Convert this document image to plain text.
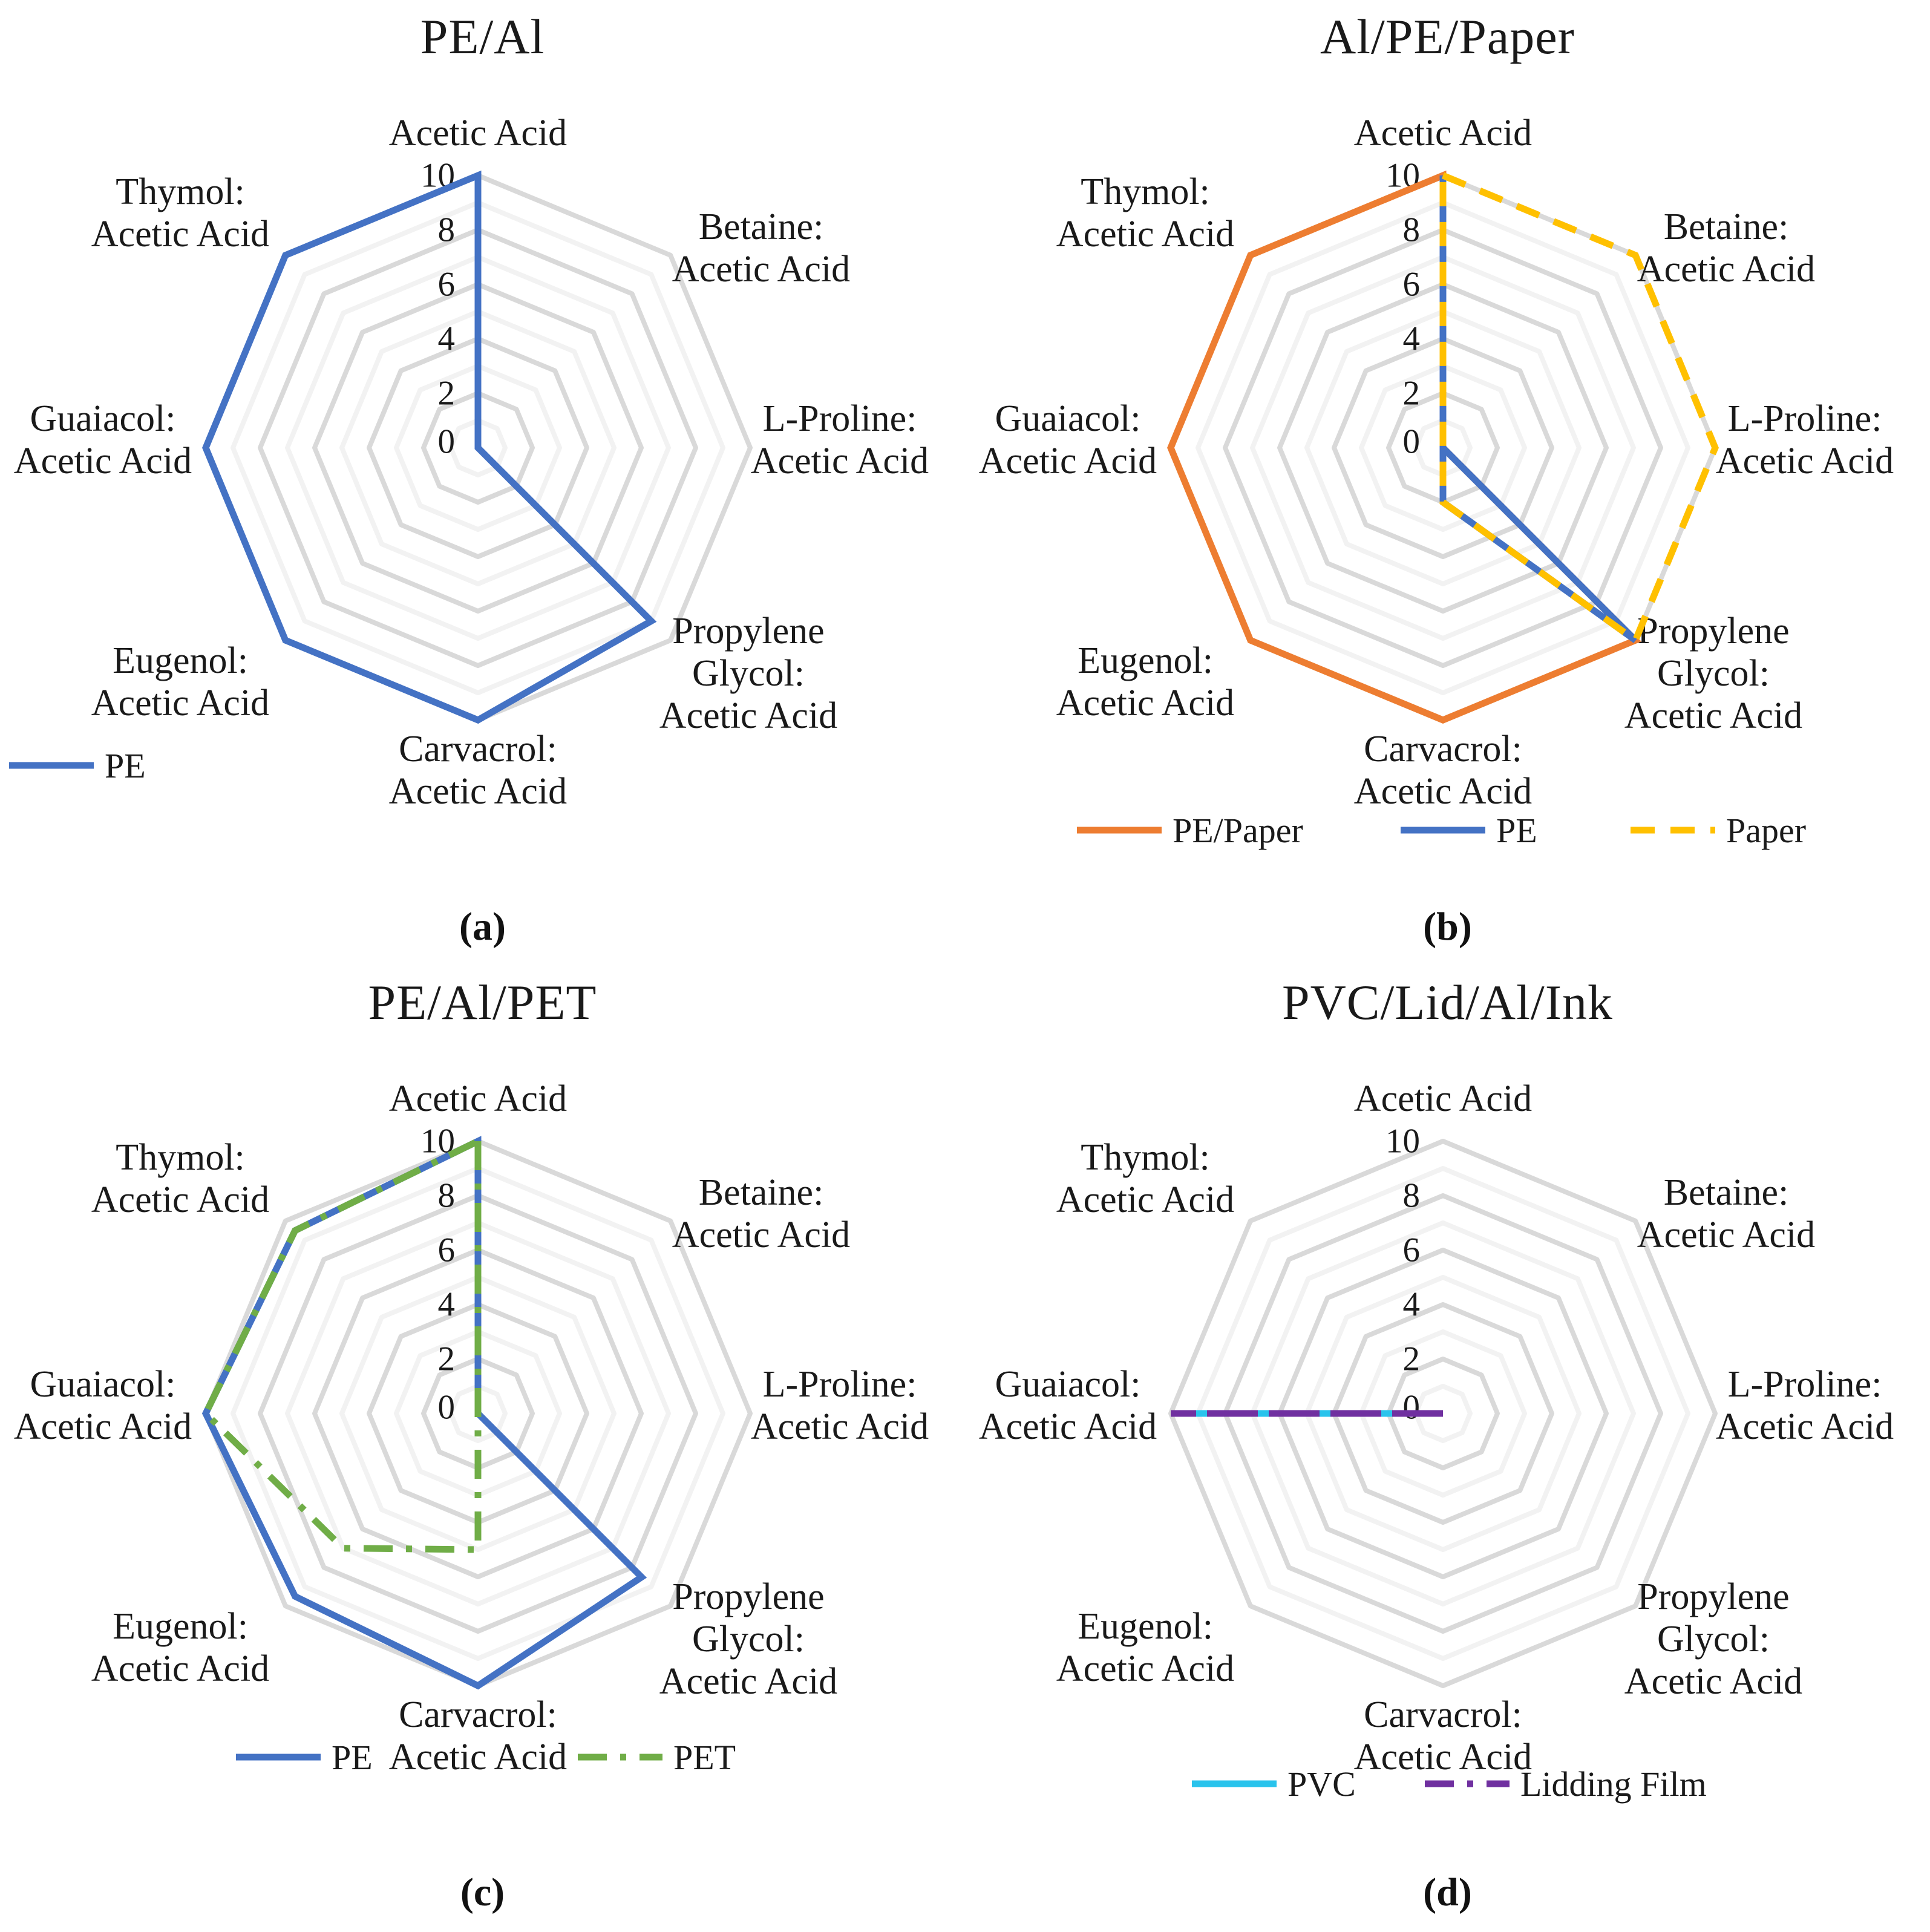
10
8
6
4
2
0
Acetic Acid
Betaine:
Acetic Acid
L-Proline:
Acetic Acid
Propylene
Glycol:
Acetic Acid
Carvacrol:
Acetic Acid
Eugenol:
Acetic Acid
Guaiacol:
Acetic Acid
Thymol:
Acetic Acid
PE
PE/Al
(a)
10
8
6
4
2
0
Acetic Acid
Betaine:
Acetic Acid
L-Proline:
Acetic Acid
Propylene
Glycol:
Acetic Acid
Carvacrol:
Acetic Acid
Eugenol:
Acetic Acid
Guaiacol:
Acetic Acid
Thymol:
Acetic Acid
PE/Paper	PE	Paper
Al/PE/Paper
(b)
10
8
6
4
2
0
Acetic Acid
Betaine:
Acetic Acid
L-Proline:
Acetic Acid
Propylene
Glycol:
Acetic Acid
Carvacrol:
Acetic Acid
Eugenol:
Acetic Acid
Guaiacol:
Acetic Acid
Thymol:
Acetic Acid
PE	PET
PE/Al/PET
(c)
10
8
6
4
2
0
Acetic Acid
Betaine:
Acetic Acid
L-Proline:
Acetic Acid
Propylene
Glycol:
Acetic Acid
Carvacrol:
Acetic Acid
Eugenol:
Acetic Acid
Guaiacol:
Acetic Acid
Thymol:
Acetic Acid
PVC	Lidding Film
PVC/Lid/Al/Ink
(d)
